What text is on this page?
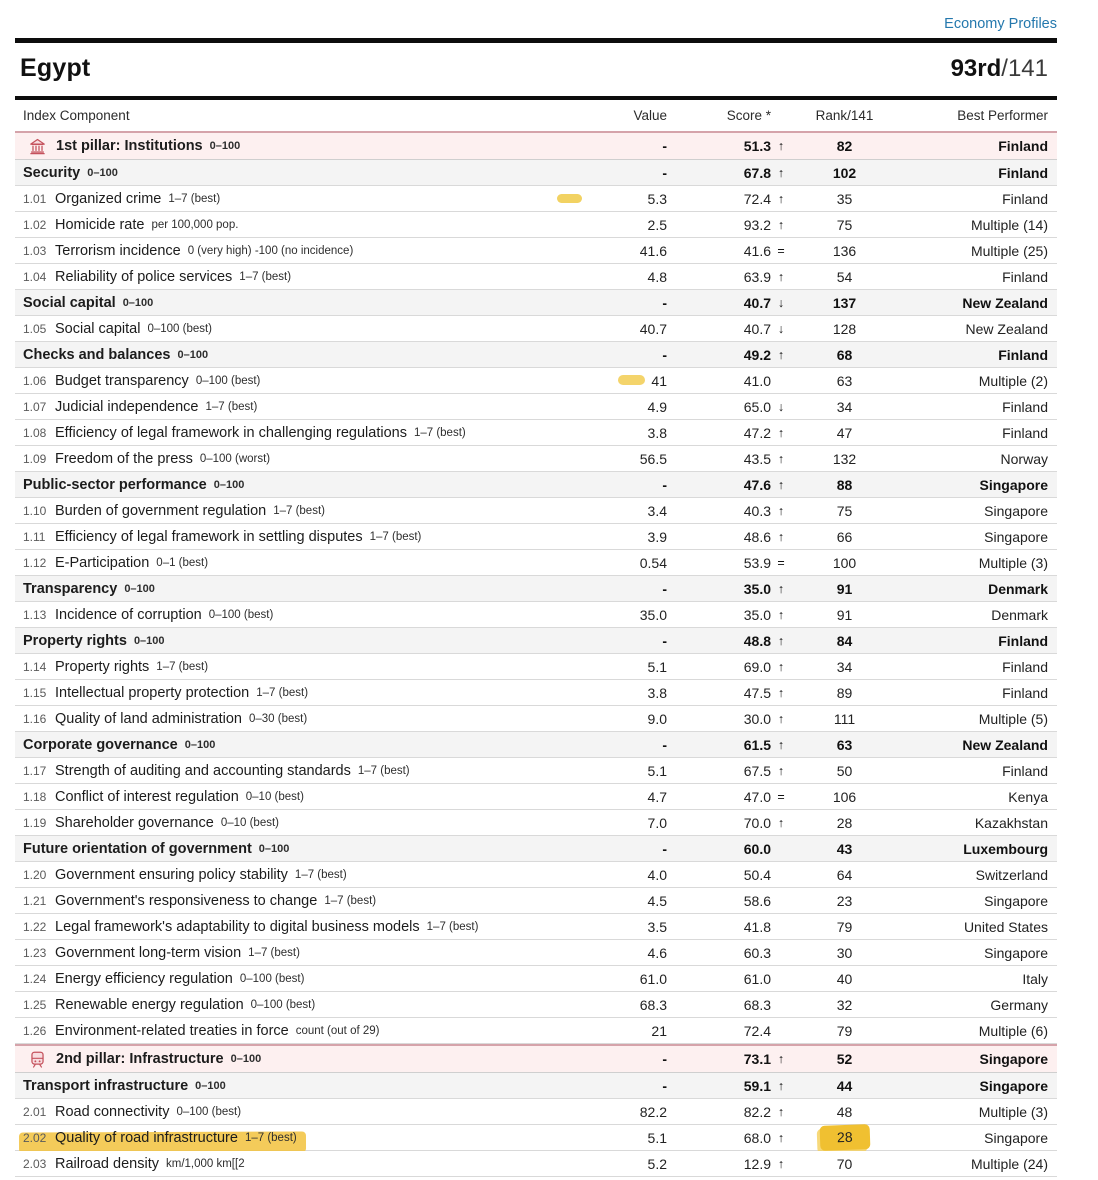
Economy Profiles
Egypt	93rd/141
Index Component	Value	Score *	Rank/141	Best Performer
1st pillar: Institutions 0–100	-	51.3 ↑	82	Finland
Security 0–100	-	67.8 ↑	102	Finland
1.01 Organized crime 1–7 (best)	5.3	72.4 ↑	35	Finland
1.02 Homicide rate per 100,000 pop.	2.5	93.2 ↑	75	Multiple (14)
1.03 Terrorism incidence 0 (very high) -100 (no incidence)	41.6	41.6 =	136	Multiple (25)
1.04 Reliability of police services 1–7 (best)	4.8	63.9 ↑	54	Finland
Social capital 0–100	-	40.7 ↓	137	New Zealand
1.05 Social capital 0–100 (best)	40.7	40.7 ↓	128	New Zealand
Checks and balances 0–100	-	49.2 ↑	68	Finland
1.06 Budget transparency 0–100 (best)	41	41.0	63	Multiple (2)
1.07 Judicial independence 1–7 (best)	4.9	65.0 ↓	34	Finland
1.08 Efficiency of legal framework in challenging regulations 1–7 (best)	3.8	47.2 ↑	47	Finland
1.09 Freedom of the press 0–100 (worst)	56.5	43.5 ↑	132	Norway
Public-sector performance 0–100	-	47.6 ↑	88	Singapore
1.10 Burden of government regulation 1–7 (best)	3.4	40.3 ↑	75	Singapore
1.11 Efficiency of legal framework in settling disputes 1–7 (best)	3.9	48.6 ↑	66	Singapore
1.12 E-Participation 0–1 (best)	0.54	53.9 =	100	Multiple (3)
Transparency 0–100	-	35.0 ↑	91	Denmark
1.13 Incidence of corruption 0–100 (best)	35.0	35.0 ↑	91	Denmark
Property rights 0–100	-	48.8 ↑	84	Finland
1.14 Property rights 1–7 (best)	5.1	69.0 ↑	34	Finland
1.15 Intellectual property protection 1–7 (best)	3.8	47.5 ↑	89	Finland
1.16 Quality of land administration 0–30 (best)	9.0	30.0 ↑	111	Multiple (5)
Corporate governance 0–100	-	61.5 ↑	63	New Zealand
1.17 Strength of auditing and accounting standards 1–7 (best)	5.1	67.5 ↑	50	Finland
1.18 Conflict of interest regulation 0–10 (best)	4.7	47.0 =	106	Kenya
1.19 Shareholder governance 0–10 (best)	7.0	70.0 ↑	28	Kazakhstan
Future orientation of government 0–100	-	60.0	43	Luxembourg
1.20 Government ensuring policy stability 1–7 (best)	4.0	50.4	64	Switzerland
1.21 Government's responsiveness to change 1–7 (best)	4.5	58.6	23	Singapore
1.22 Legal framework's adaptability to digital business models 1–7 (best)	3.5	41.8	79	United States
1.23 Government long-term vision 1–7 (best)	4.6	60.3	30	Singapore
1.24 Energy efficiency regulation 0–100 (best)	61.0	61.0	40	Italy
1.25 Renewable energy regulation 0–100 (best)	68.3	68.3	32	Germany
1.26 Environment-related treaties in force count (out of 29)	21	72.4	79	Multiple (6)
2nd pillar: Infrastructure 0–100	-	73.1 ↑	52	Singapore
Transport infrastructure 0–100	-	59.1 ↑	44	Singapore
2.01 Road connectivity 0–100 (best)	82.2	82.2 ↑	48	Multiple (3)
2.02 Quality of road infrastructure 1–7 (best)	5.1	68.0 ↑	28	Singapore
2.03 Railroad density km/1,000 km[[2	5.2	12.9 ↑	70	Multiple (24)
